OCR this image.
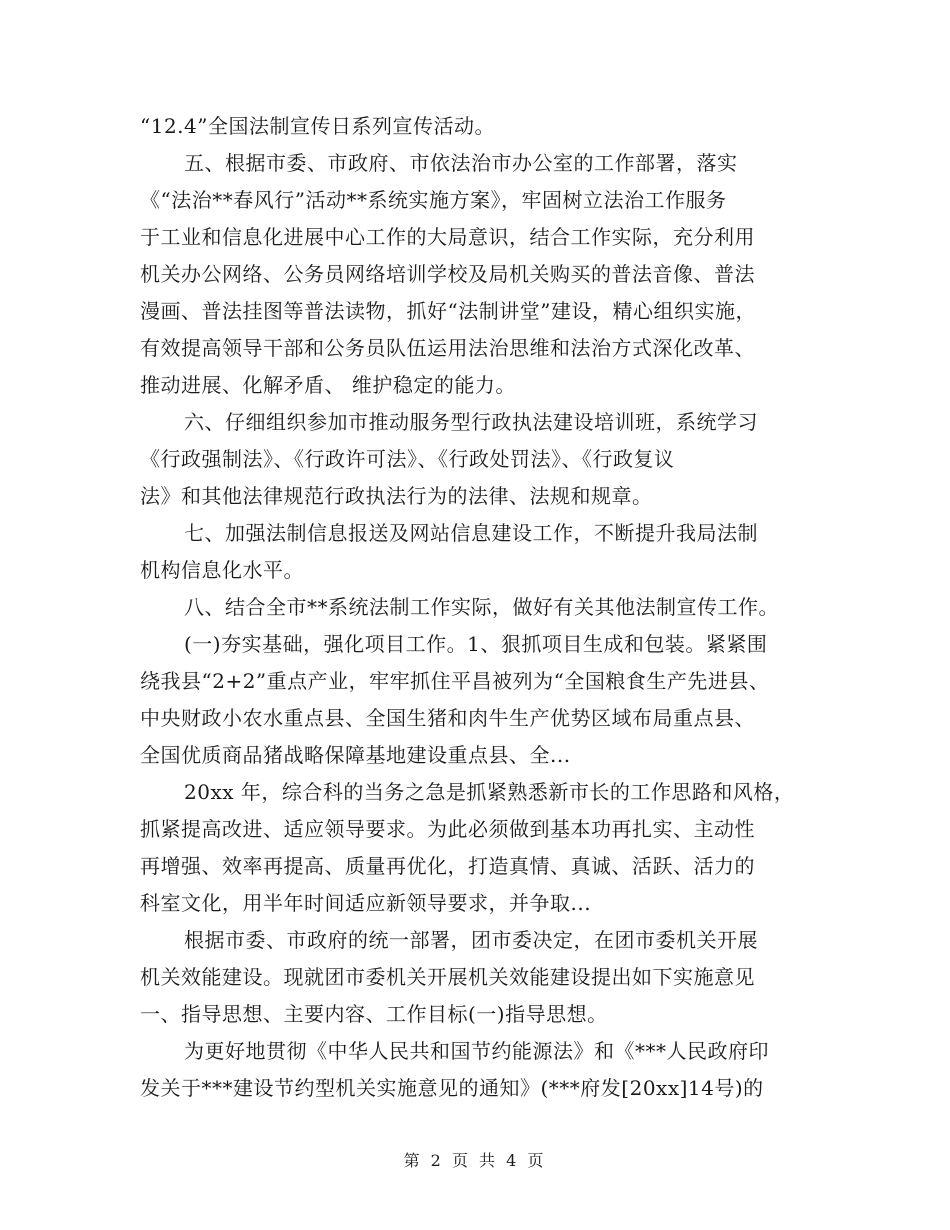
“12.4”全国法制宣传日系列宣传活动。
五、根据市委、市政府、市依法治市办公室的工作部署，落实
《“法治**春风行”活动**系统实施方案》，牢固树立法治工作服务
于工业和信息化进展中心工作的大局意识，结合工作实际，充分利用
机关办公网络、公务员网络培训学校及局机关购买的普法音像、普法
漫画、普法挂图等普法读物，抓好“法制讲堂”建设，精心组织实施，
有效提高领导干部和公务员队伍运用法治思维和法治方式深化改革、
推动进展、化解矛盾、 维护稳定的能力。
六、仔细组织参加市推动服务型行政执法建设培训班，系统学习
《行政强制法》、《行政许可法》、《行政处罚法》、《行政复议
法》和其他法律规范行政执法行为的法律、法规和规章。
七、加强法制信息报送及网站信息建设工作，不断提升我局法制
机构信息化水平。
八、结合全市**系统法制工作实际，做好有关其他法制宣传工作。
(一)夯实基础，强化项目工作。1、狠抓项目生成和包装。紧紧围
绕我县“2+2”重点产业，牢牢抓住平昌被列为“全国粮食生产先进县、
中央财政小农水重点县、全国生猪和肉牛生产优势区域布局重点县、
全国优质商品猪战略保障基地建设重点县、全...
20xx 年，综合科的当务之急是抓紧熟悉新市长的工作思路和风格，
抓紧提高改进、适应领导要求。为此必须做到基本功再扎实、主动性
再增强、效率再提高、质量再优化，打造真情、真诚、活跃、活力的
科室文化，用半年时间适应新领导要求，并争取...
根据市委、市政府的统一部署，团市委决定，在团市委机关开展
机关效能建设。现就团市委机关开展机关效能建设提出如下实施意见
一、指导思想、主要内容、工作目标(一)指导思想。
为更好地贯彻《中华人民共和国节约能源法》和《***人民政府印
发关于***建设节约型机关实施意见的通知》(***府发[20xx]14号)的
第 2 页 共 4 页
